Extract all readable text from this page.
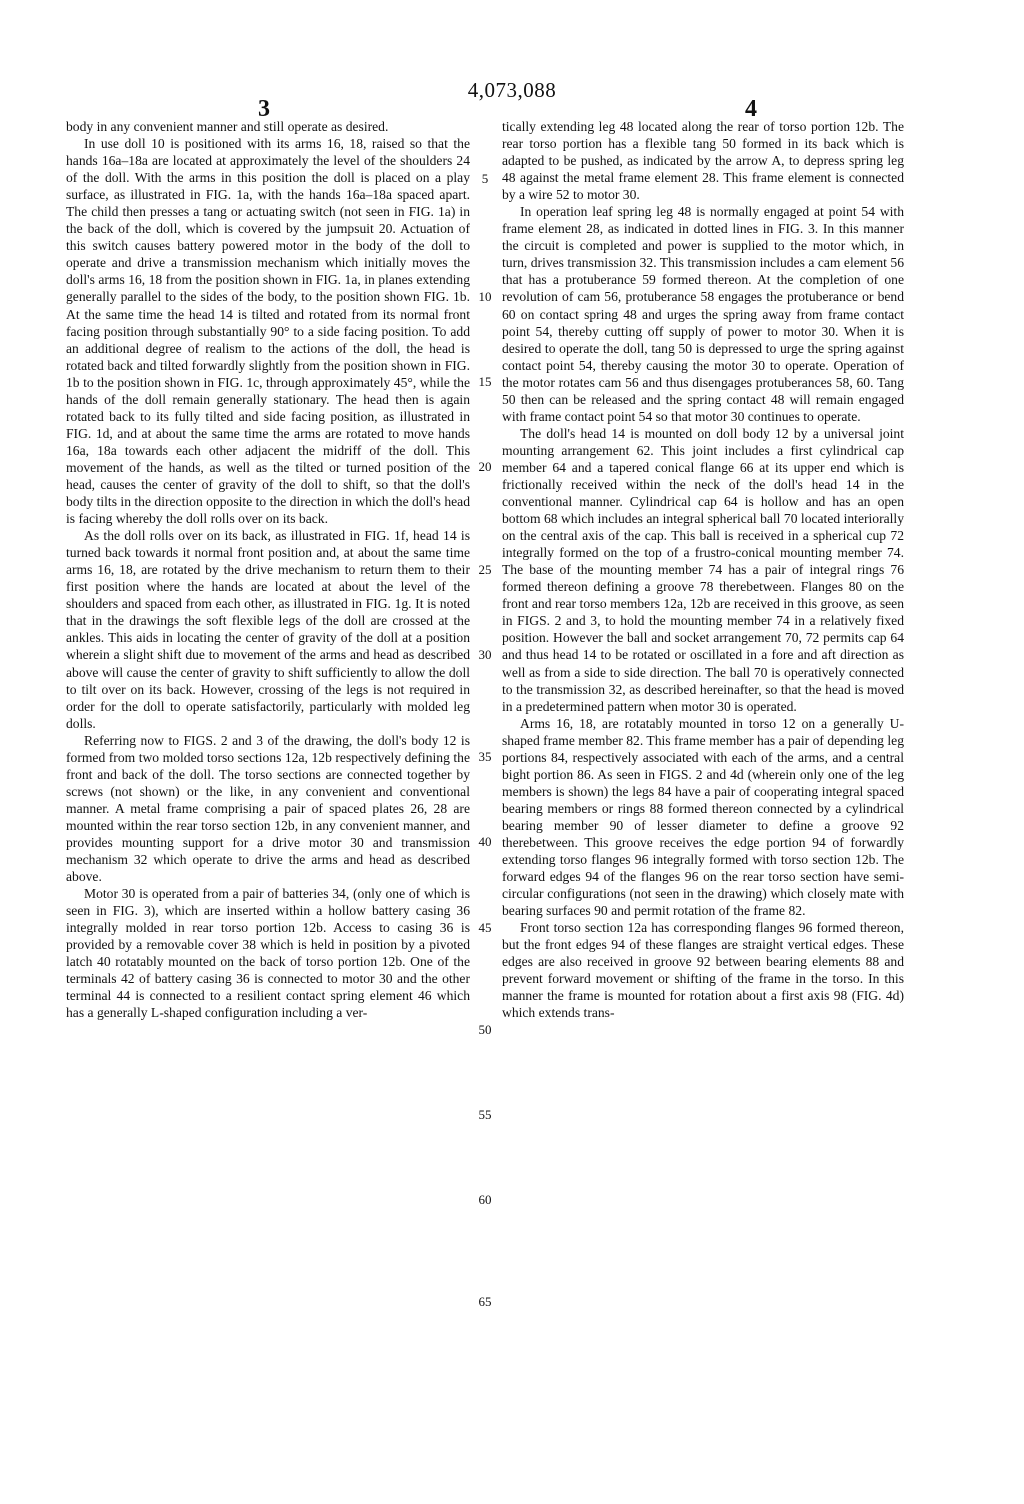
4,073,088
3	4

body in any convenient manner and still operate as desired.

In use doll 10 is positioned with its arms 16, 18, raised so that the hands 16a–18a are located at approximately the level of the shoulders 24 of the doll. With the arms in this position the doll is placed on a play surface, as illustrated in FIG. 1a, with the hands 16a–18a spaced apart. The child then presses a tang or actuating switch (not seen in FIG. 1a) in the back of the doll, which is covered by the jumpsuit 20. Actuation of this switch causes battery powered motor in the body of the doll to operate and drive a transmission mechanism which initially moves the doll's arms 16, 18 from the position shown in FIG. 1a, in planes extending generally parallel to the sides of the body, to the position shown FIG. 1b. At the same time the head 14 is tilted and rotated from its normal front facing position through substantially 90° to a side facing position. To add an additional degree of realism to the actions of the doll, the head is rotated back and tilted forwardly slightly from the position shown in FIG. 1b to the position shown in FIG. 1c, through approximately 45°, while the hands of the doll remain generally stationary. The head then is again rotated back to its fully tilted and side facing position, as illustrated in FIG. 1d, and at about the same time the arms are rotated to move hands 16a, 18a towards each other adjacent the midriff of the doll. This movement of the hands, as well as the tilted or turned position of the head, causes the center of gravity of the doll to shift, so that the doll's body tilts in the direction opposite to the direction in which the doll's head is facing whereby the doll rolls over on its back.

As the doll rolls over on its back, as illustrated in FIG. 1f, head 14 is turned back towards it normal front position and, at about the same time arms 16, 18, are rotated by the drive mechanism to return them to their first position where the hands are located at about the level of the shoulders and spaced from each other, as illustrated in FIG. 1g. It is noted that in the drawings the soft flexible legs of the doll are crossed at the ankles. This aids in locating the center of gravity of the doll at a position wherein a slight shift due to movement of the arms and head as described above will cause the center of gravity to shift sufficiently to allow the doll to tilt over on its back. However, crossing of the legs is not required in order for the doll to operate satisfactorily, particularly with molded leg dolls.

Referring now to FIGS. 2 and 3 of the drawing, the doll's body 12 is formed from two molded torso sections 12a, 12b respectively defining the front and back of the doll. The torso sections are connected together by screws (not shown) or the like, in any convenient and conventional manner. A metal frame comprising a pair of spaced plates 26, 28 are mounted within the rear torso section 12b, in any convenient manner, and provides mounting support for a drive motor 30 and transmission mechanism 32 which operate to drive the arms and head as described above.

Motor 30 is operated from a pair of batteries 34, (only one of which is seen in FIG. 3), which are inserted within a hollow battery casing 36 integrally molded in rear torso portion 12b. Access to casing 36 is provided by a removable cover 38 which is held in position by a pivoted latch 40 rotatably mounted on the back of torso portion 12b. One of the terminals 42 of battery casing 36 is connected to motor 30 and the other terminal 44 is connected to a resilient contact spring element 46 which has a generally L-shaped configuration including a ver-

5
10
15
20
25
30
35
40
45
50
55
60
65

tically extending leg 48 located along the rear of torso portion 12b. The rear torso portion has a flexible tang 50 formed in its back which is adapted to be pushed, as indicated by the arrow A, to depress spring leg 48 against the metal frame element 28. This frame element is connected by a wire 52 to motor 30.

In operation leaf spring leg 48 is normally engaged at point 54 with frame element 28, as indicated in dotted lines in FIG. 3. In this manner the circuit is completed and power is supplied to the motor which, in turn, drives transmission 32. This transmission includes a cam element 56 that has a protuberance 59 formed thereon. At the completion of one revolution of cam 56, protuberance 58 engages the protuberance or bend 60 on contact spring 48 and urges the spring away from frame contact point 54, thereby cutting off supply of power to motor 30. When it is desired to operate the doll, tang 50 is depressed to urge the spring against contact point 54, thereby causing the motor 30 to operate. Operation of the motor rotates cam 56 and thus disengages protuberances 58, 60. Tang 50 then can be released and the spring contact 48 will remain engaged with frame contact point 54 so that motor 30 continues to operate.

The doll's head 14 is mounted on doll body 12 by a universal joint mounting arrangement 62. This joint includes a first cylindrical cap member 64 and a tapered conical flange 66 at its upper end which is frictionally received within the neck of the doll's head 14 in the conventional manner. Cylindrical cap 64 is hollow and has an open bottom 68 which includes an integral spherical ball 70 located interiorally on the central axis of the cap. This ball is received in a spherical cup 72 integrally formed on the top of a frustro-conical mounting member 74. The base of the mounting member 74 has a pair of integral rings 76 formed thereon defining a groove 78 therebetween. Flanges 80 on the front and rear torso members 12a, 12b are received in this groove, as seen in FIGS. 2 and 3, to hold the mounting member 74 in a relatively fixed position. However the ball and socket arrangement 70, 72 permits cap 64 and thus head 14 to be rotated or oscillated in a fore and aft direction as well as from a side to side direction. The ball 70 is operatively connected to the transmission 32, as described hereinafter, so that the head is moved in a predetermined pattern when motor 30 is operated.

Arms 16, 18, are rotatably mounted in torso 12 on a generally U-shaped frame member 82. This frame member has a pair of depending leg portions 84, respectively associated with each of the arms, and a central bight portion 86. As seen in FIGS. 2 and 4d (wherein only one of the leg members is shown) the legs 84 have a pair of cooperating integral spaced bearing members or rings 88 formed thereon connected by a cylindrical bearing member 90 of lesser diameter to define a groove 92 therebetween. This groove receives the edge portion 94 of forwardly extending torso flanges 96 integrally formed with torso section 12b. The forward edges 94 of the flanges 96 on the rear torso section have semi-circular configurations (not seen in the drawing) which closely mate with bearing surfaces 90 and permit rotation of the frame 82.

Front torso section 12a has corresponding flanges 96 formed thereon, but the front edges 94 of these flanges are straight vertical edges. These edges are also received in groove 92 between bearing elements 88 and prevent forward movement or shifting of the frame in the torso. In this manner the frame is mounted for rotation about a first axis 98 (FIG. 4d) which extends trans-
